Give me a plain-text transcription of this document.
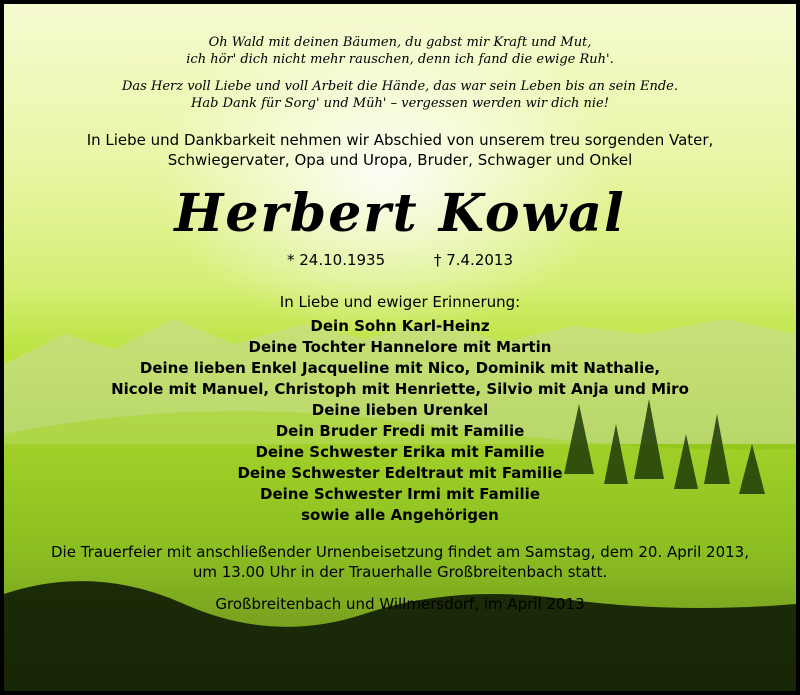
Oh Wald mit deinen Bäumen, du gabst mir Kraft und Mut,
ich hör' dich nicht mehr rauschen, denn ich fand die ewige Ruh'.
Das Herz voll Liebe und voll Arbeit die Hände, das war sein Leben bis an sein Ende.
Hab Dank für Sorg' und Müh' – vergessen werden wir dich nie!
In Liebe und Dankbarkeit nehmen wir Abschied von unserem treu sorgenden Vater,
Schwiegervater, Opa und Uropa, Bruder, Schwager und Onkel
Herbert Kowal
* 24.10.1935	† 7.4.2013
In Liebe und ewiger Erinnerung:
Dein Sohn Karl-Heinz
Deine Tochter Hannelore mit Martin
Deine lieben Enkel Jacqueline mit Nico, Dominik mit Nathalie,
Nicole mit Manuel, Christoph mit Henriette, Silvio mit Anja und Miro
Deine lieben Urenkel
Dein Bruder Fredi mit Familie
Deine Schwester Erika mit Familie
Deine Schwester Edeltraut mit Familie
Deine Schwester Irmi mit Familie
sowie alle Angehörigen
Die Trauerfeier mit anschließender Urnenbeisetzung findet am Samstag, dem 20. April 2013,
um 13.00 Uhr in der Trauerhalle Großbreitenbach statt.
Großbreitenbach und Willmersdorf, im April 2013
